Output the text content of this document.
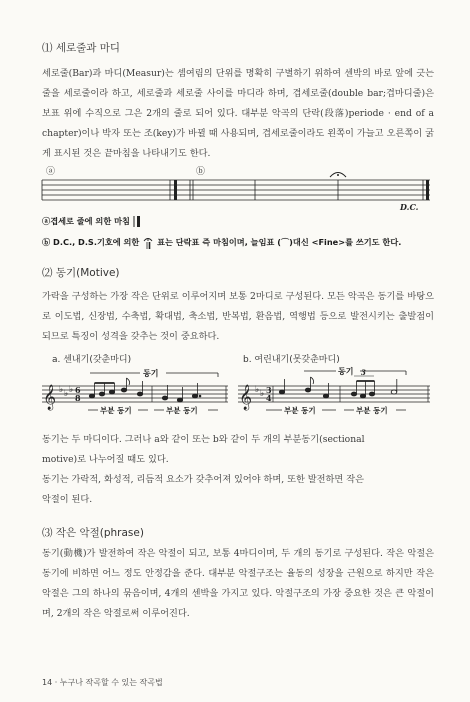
⑴ 세로줄과 마디

세로줄(Bar)과 마디(Measur)는 셈여림의 단위를 명확히 구별하기 위하여 센박의 바로 앞에 긋는 줄을 세로줄이라 하고, 세로줄과 세로줄 사이를 마디라 하며, 겹세로줄(double bar;겹마디줄)은 보표 위에 수직으로 그은 2개의 줄로 되어 있다. 대부분 악곡의 단락(段落)periode · end of a chapter)이나 박자 또는 조(key)가 바뀔 때 사용되며, 겹세로줄이라도 왼쪽이 가늘고 오른쪽이 굵게 표시된 것은 끝마침을 나타내기도 한다.

ⓐ	ⓑ
D.C.
ⓐ겹세로 줄에 의한 마침
ⓑ D.C., D.S.기호에 의한 표는 단락표 즉 마침이며, 늘임표 (⌒)대신 <Fine>를 쓰기도 한다.
⑵ 동기(Motive)

가락을 구성하는 가장 작은 단위로 이루어지며 보통 2마디로 구성된다. 모든 악곡은 동기를 바탕으로 이도법, 신장법, 수축법, 확대법, 축소법, 반복법, 환음법, 역행법 등으로 발전시키는 출발점이 되므로 특징이 성격을 갖추는 것이 중요하다.

a. 센내기(갖춘마디)	b. 여린내기(못갖춘마디)
𝄞 ♭ ♭ ♭ 6
8
동기
부분 동기	부분 동기
𝄞 ♭ ♭ 3
4
3
동기
부분 동기	부분 동기

동기는 두 마디이다. 그러나 a와 같이 또는 b와 같이 두 개의 부분동기(sectional

motive)로 나누어질 때도 있다.

동기는 가락적, 화성적, 리듬적 요소가 갖추어져 있어야 하며, 또한 발전하면 작은

악절이 된다.

⑶ 작은 악절(phrase)

동기(動機)가 발전하여 작은 악절이 되고, 보통 4마디이며, 두 개의 동기로 구성된다. 작은 악절은 동기에 비하면 어느 정도 안정감을 준다. 대부분 악절구조는 율동의 성장을 근원으로 하지만 작은 악절은 그의 하나의 묶음이며, 4개의 센박을 가지고 있다. 악절구조의 가장 중요한 것은 큰 악절이며, 2개의 작은 악절로써 이루어진다.

14 · 누구나 작곡할 수 있는 작곡법
